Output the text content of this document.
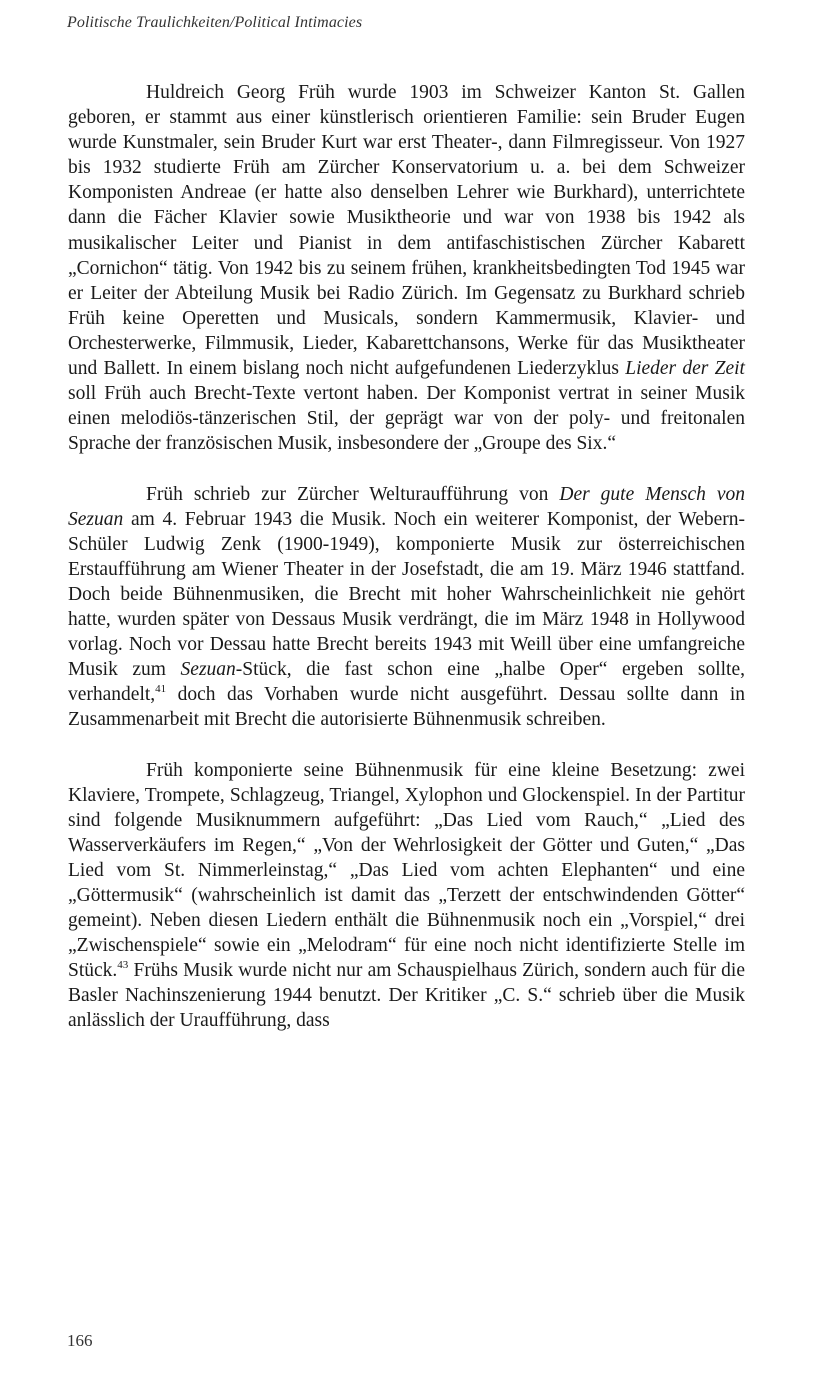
Politische Traulichkeiten/Political Intimacies

Huldreich Georg Früh wurde 1903 im Schweizer Kanton St. Gallen geboren, er stammt aus einer künstlerisch orientieren Familie: sein Bruder Eugen wurde Kunstmaler, sein Bruder Kurt war erst Theater-, dann Filmregisseur. Von 1927 bis 1932 studierte Früh am Zürcher Konservatorium u. a. bei dem Schweizer Komponisten Andreae (er hatte also denselben Lehrer wie Burkhard), unterrichtete dann die Fächer Klavier sowie Musiktheorie und war von 1938 bis 1942 als musikalischer Leiter und Pianist in dem antifaschistischen Zürcher Kabarett „Cornichon“ tätig. Von 1942 bis zu seinem frühen, krankheitsbedingten Tod 1945 war er Leiter der Abteilung Musik bei Radio Zürich. Im Gegensatz zu Burkhard schrieb Früh keine Operetten und Musicals, sondern Kammermusik, Klavier- und Orchesterwerke, Filmmusik, Lieder, Kabarettchansons, Werke für das Musiktheater und Ballett. In einem bislang noch nicht aufgefundenen Liederzyklus Lieder der Zeit soll Früh auch Brecht-Texte vertont haben. Der Komponist vertrat in seiner Musik einen melodiös-tänzerischen Stil, der geprägt war von der poly- und freitonalen Sprache der französischen Musik, insbesondere der „Groupe des Six.“

Früh schrieb zur Zürcher Welturaufführung von Der gute Mensch von Sezuan am 4. Februar 1943 die Musik. Noch ein weiterer Komponist, der Webern-Schüler Ludwig Zenk (1900-1949), komponierte Musik zur österreichischen Erstaufführung am Wiener Theater in der Josefstadt, die am 19. März 1946 stattfand. Doch beide Bühnenmusiken, die Brecht mit hoher Wahrscheinlichkeit nie gehört hatte, wurden später von Dessaus Musik verdrängt, die im März 1948 in Hollywood vorlag. Noch vor Dessau hatte Brecht bereits 1943 mit Weill über eine umfangreiche Musik zum Sezuan-Stück, die fast schon eine „halbe Oper“ ergeben sollte, verhandelt,$^{41}$ doch das Vorhaben wurde nicht ausgeführt. Dessau sollte dann in Zusammenarbeit mit Brecht die autorisierte Bühnenmusik schreiben.

Früh komponierte seine Bühnenmusik für eine kleine Besetzung: zwei Klaviere, Trompete, Schlagzeug, Triangel, Xylophon und Glockenspiel. In der Partitur sind folgende Musiknummern aufgeführt: „Das Lied vom Rauch,“ „Lied des Wasserverkäufers im Regen,“ „Von der Wehrlosigkeit der Götter und Guten,“ „Das Lied vom St. Nimmerleinstag,“ „Das Lied vom achten Elephanten“ und eine „Göttermusik“ (wahrscheinlich ist damit das „Terzett der entschwindenden Götter“ gemeint). Neben diesen Liedern enthält die Bühnenmusik noch ein „Vorspiel,“ drei „Zwischenspiele“ sowie ein „Melodram“ für eine noch nicht identifizierte Stelle im Stück.$^{43}$ Frühs Musik wurde nicht nur am Schauspielhaus Zürich, sondern auch für die Basler Nachinszenierung 1944 benutzt. Der Kritiker „C. S.“ schrieb über die Musik anlässlich der Uraufführung, dass

166
